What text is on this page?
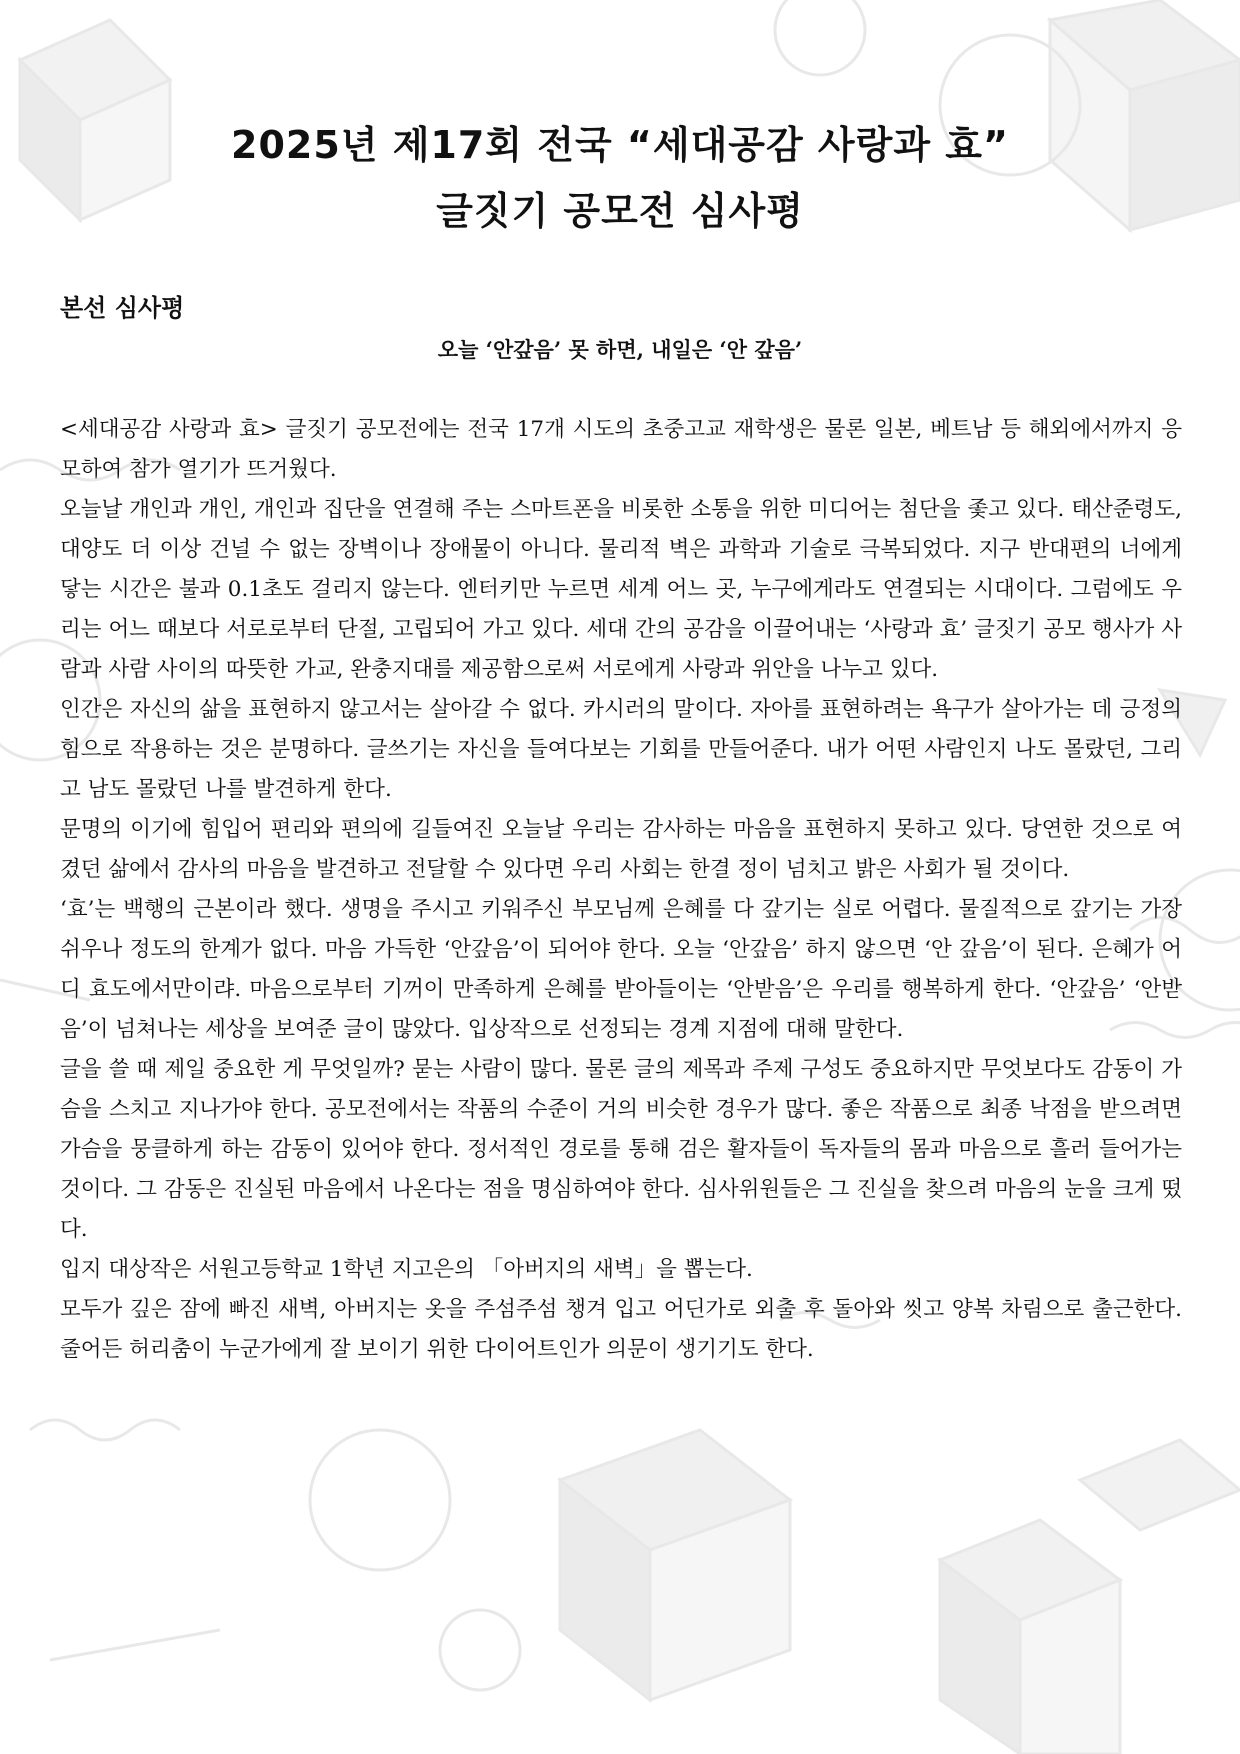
2025년 제17회 전국 “세대공감 사랑과 효”
글짓기 공모전 심사평
본선 심사평
오늘 ‘안갚음’ 못 하면, 내일은 ‘안 갚음’

<세대공감 사랑과 효> 글짓기 공모전에는 전국 17개 시도의 초중고교 재학생은 물론 일본, 베트남 등 해외에서까지 응모하여 참가 열기가 뜨거웠다.

오늘날 개인과 개인, 개인과 집단을 연결해 주는 스마트폰을 비롯한 소통을 위한 미디어는 첨단을 좇고 있다. 태산준령도, 대양도 더 이상 건널 수 없는 장벽이나 장애물이 아니다. 물리적 벽은 과학과 기술로 극복되었다. 지구 반대편의 너에게 닿는 시간은 불과 0.1초도 걸리지 않는다. 엔터키만 누르면 세계 어느 곳, 누구에게라도 연결되는 시대이다. 그럼에도 우리는 어느 때보다 서로로부터 단절, 고립되어 가고 있다. 세대 간의 공감을 이끌어내는 ‘사랑과 효’ 글짓기 공모 행사가 사람과 사람 사이의 따뜻한 가교, 완충지대를 제공함으로써 서로에게 사랑과 위안을 나누고 있다.

인간은 자신의 삶을 표현하지 않고서는 살아갈 수 없다. 카시러의 말이다. 자아를 표현하려는 욕구가 살아가는 데 긍정의 힘으로 작용하는 것은 분명하다. 글쓰기는 자신을 들여다보는 기회를 만들어준다. 내가 어떤 사람인지 나도 몰랐던, 그리고 남도 몰랐던 나를 발견하게 한다.

문명의 이기에 힘입어 편리와 편의에 길들여진 오늘날 우리는 감사하는 마음을 표현하지 못하고 있다. 당연한 것으로 여겼던 삶에서 감사의 마음을 발견하고 전달할 수 있다면 우리 사회는 한결 정이 넘치고 밝은 사회가 될 것이다.

‘효’는 백행의 근본이라 했다. 생명을 주시고 키워주신 부모님께 은혜를 다 갚기는 실로 어렵다. 물질적으로 갚기는 가장 쉬우나 정도의 한계가 없다. 마음 가득한 ‘안갚음’이 되어야 한다. 오늘 ‘안갚음’ 하지 않으면 ‘안 갚음’이 된다. 은혜가 어디 효도에서만이랴. 마음으로부터 기꺼이 만족하게 은혜를 받아들이는 ‘안받음’은 우리를 행복하게 한다. ‘안갚음’ ‘안받음’이 넘쳐나는 세상을 보여준 글이 많았다. 입상작으로 선정되는 경계 지점에 대해 말한다.

글을 쓸 때 제일 중요한 게 무엇일까? 묻는 사람이 많다. 물론 글의 제목과 주제 구성도 중요하지만 무엇보다도 감동이 가슴을 스치고 지나가야 한다. 공모전에서는 작품의 수준이 거의 비슷한 경우가 많다. 좋은 작품으로 최종 낙점을 받으려면 가슴을 뭉클하게 하는 감동이 있어야 한다. 정서적인 경로를 통해 검은 활자들이 독자들의 몸과 마음으로 흘러 들어가는 것이다. 그 감동은 진실된 마음에서 나온다는 점을 명심하여야 한다. 심사위원들은 그 진실을 찾으려 마음의 눈을 크게 떴다.

입지 대상작은 서원고등학교 1학년 지고은의 「아버지의 새벽」을 뽑는다.

모두가 깊은 잠에 빠진 새벽, 아버지는 옷을 주섬주섬 챙겨 입고 어딘가로 외출 후 돌아와 씻고 양복 차림으로 출근한다. 줄어든 허리춤이 누군가에게 잘 보이기 위한 다이어트인가 의문이 생기기도 한다.
